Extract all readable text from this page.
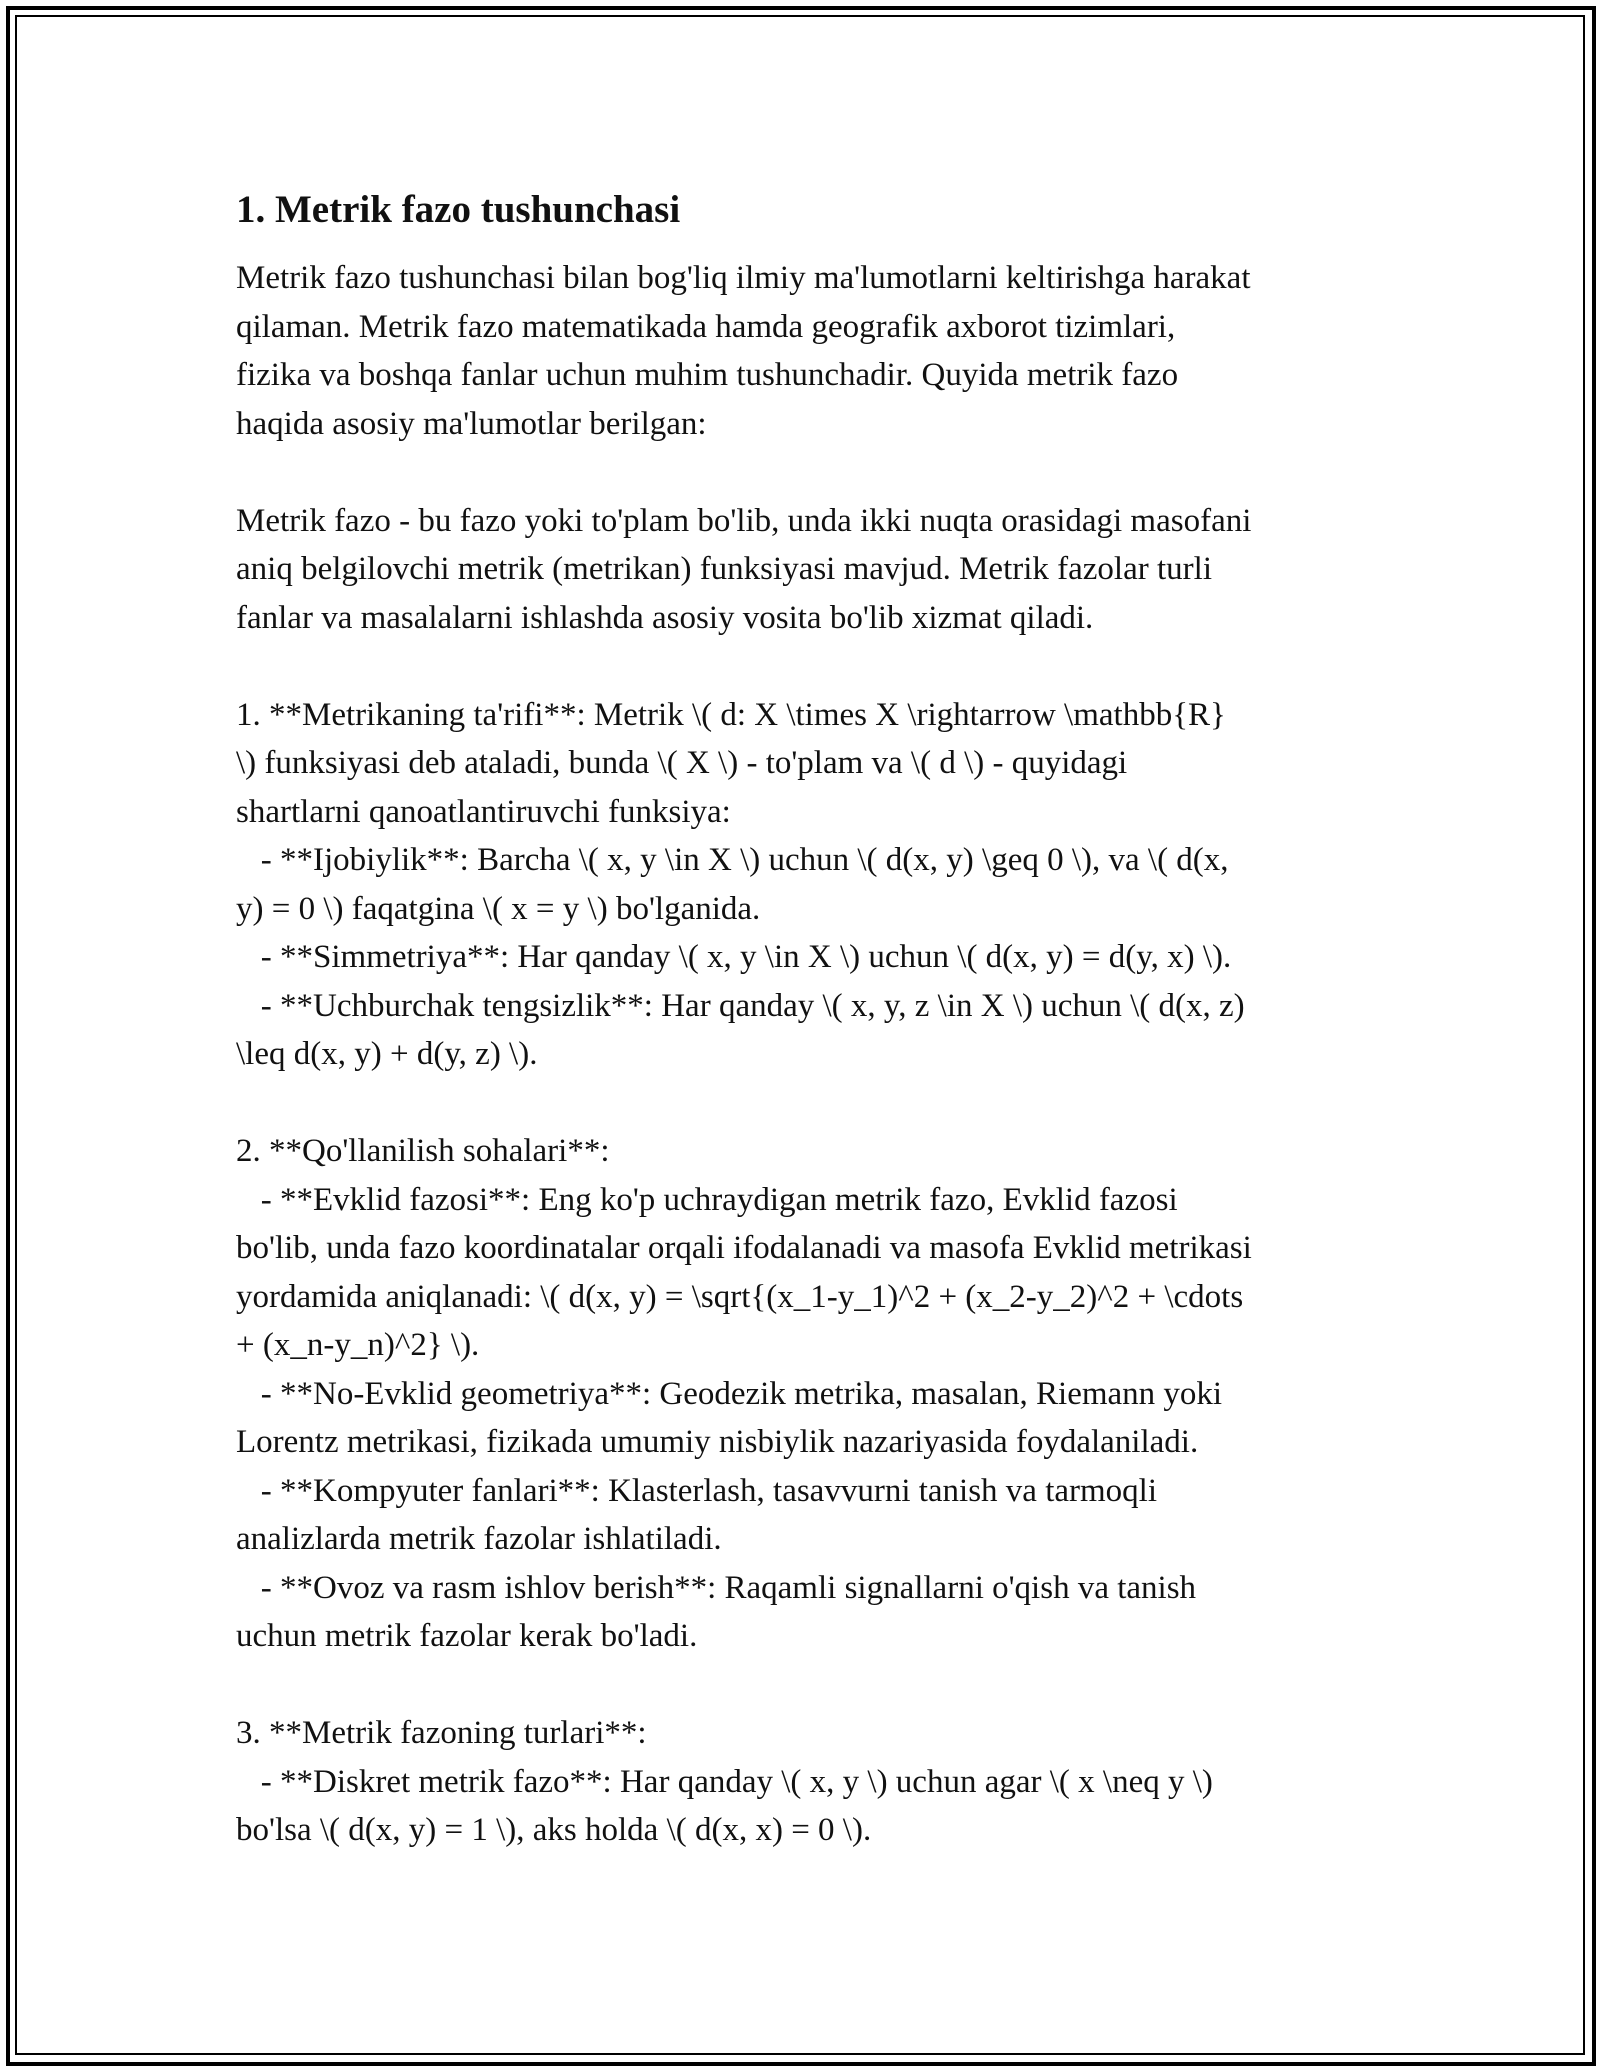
1. Metrik fazo tushunchasi
Metrik fazo tushunchasi bilan bog'liq ilmiy ma'lumotlarni keltirishga harakat
qilaman. Metrik fazo matematikada hamda geografik axborot tizimlari,
fizika va boshqa fanlar uchun muhim tushunchadir. Quyida metrik fazo
haqida asosiy ma'lumotlar berilgan:
Metrik fazo - bu fazo yoki to'plam bo'lib, unda ikki nuqta orasidagi masofani
aniq belgilovchi metrik (metrikan) funksiyasi mavjud. Metrik fazolar turli
fanlar va masalalarni ishlashda asosiy vosita bo'lib xizmat qiladi.
1. **Metrikaning ta'rifi**: Metrik \( d: X \times X \rightarrow \mathbb{R}
\) funksiyasi deb ataladi, bunda \( X \) - to'plam va \( d \) - quyidagi
shartlarni qanoatlantiruvchi funksiya:
- **Ijobiylik**: Barcha \( x, y \in X \) uchun \( d(x, y) \geq 0 \), va \( d(x,
y) = 0 \) faqatgina \( x = y \) bo'lganida.
- **Simmetriya**: Har qanday \( x, y \in X \) uchun \( d(x, y) = d(y, x) \).
- **Uchburchak tengsizlik**: Har qanday \( x, y, z \in X \) uchun \( d(x, z)
\leq d(x, y) + d(y, z) \).
2. **Qo'llanilish sohalari**:
- **Evklid fazosi**: Eng ko'p uchraydigan metrik fazo, Evklid fazosi
bo'lib, unda fazo koordinatalar orqali ifodalanadi va masofa Evklid metrikasi
yordamida aniqlanadi: \( d(x, y) = \sqrt{(x_1-y_1)^2 + (x_2-y_2)^2 + \cdots
+ (x_n-y_n)^2} \).
- **No-Evklid geometriya**: Geodezik metrika, masalan, Riemann yoki
Lorentz metrikasi, fizikada umumiy nisbiylik nazariyasida foydalaniladi.
- **Kompyuter fanlari**: Klasterlash, tasavvurni tanish va tarmoqli
analizlarda metrik fazolar ishlatiladi.
- **Ovoz va rasm ishlov berish**: Raqamli signallarni o'qish va tanish
uchun metrik fazolar kerak bo'ladi.
3. **Metrik fazoning turlari**:
- **Diskret metrik fazo**: Har qanday \( x, y \) uchun agar \( x \neq y \)
bo'lsa \( d(x, y) = 1 \), aks holda \( d(x, x) = 0 \).
